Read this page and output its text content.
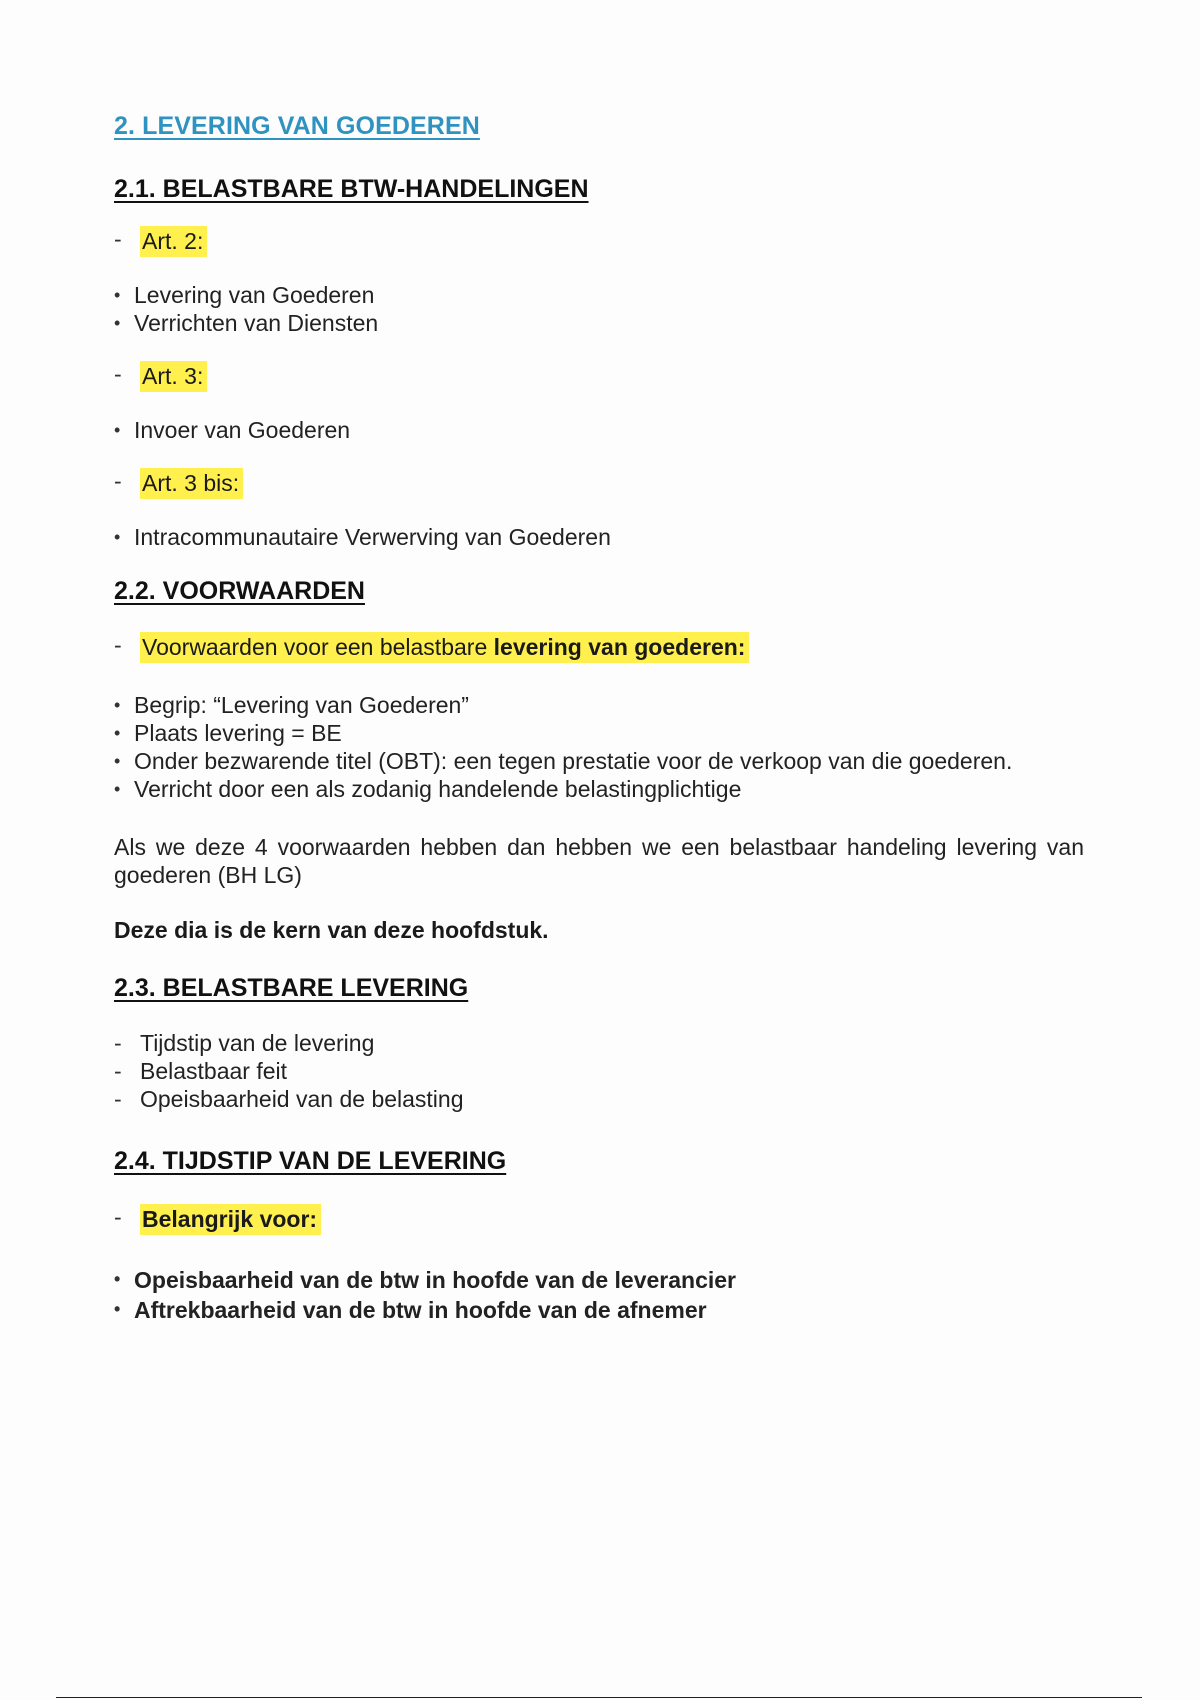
2. LEVERING VAN GOEDEREN
2.1. BELASTBARE BTW-HANDELINGEN
- Art. 2:
• Levering van Goederen
• Verrichten van Diensten
- Art. 3:
• Invoer van Goederen
- Art. 3 bis:
• Intracommunautaire Verwerving van Goederen
2.2. VOORWAARDEN
- Voorwaarden voor een belastbare levering van goederen:
• Begrip: “Levering van Goederen”
• Plaats levering = BE
• Onder bezwarende titel (OBT): een tegen prestatie voor de verkoop van die goederen.
• Verricht door een als zodanig handelende belastingplichtige

Als we deze 4 voorwaarden hebben dan hebben we een belastbaar handeling levering van goederen (BH LG)

Deze dia is de kern van deze hoofdstuk.

2.3. BELASTBARE LEVERING
- Tijdstip van de levering
- Belastbaar feit
- Opeisbaarheid van de belasting
2.4. TIJDSTIP VAN DE LEVERING
- Belangrijk voor:
• Opeisbaarheid van de btw in hoofde van de leverancier
• Aftrekbaarheid van de btw in hoofde van de afnemer
